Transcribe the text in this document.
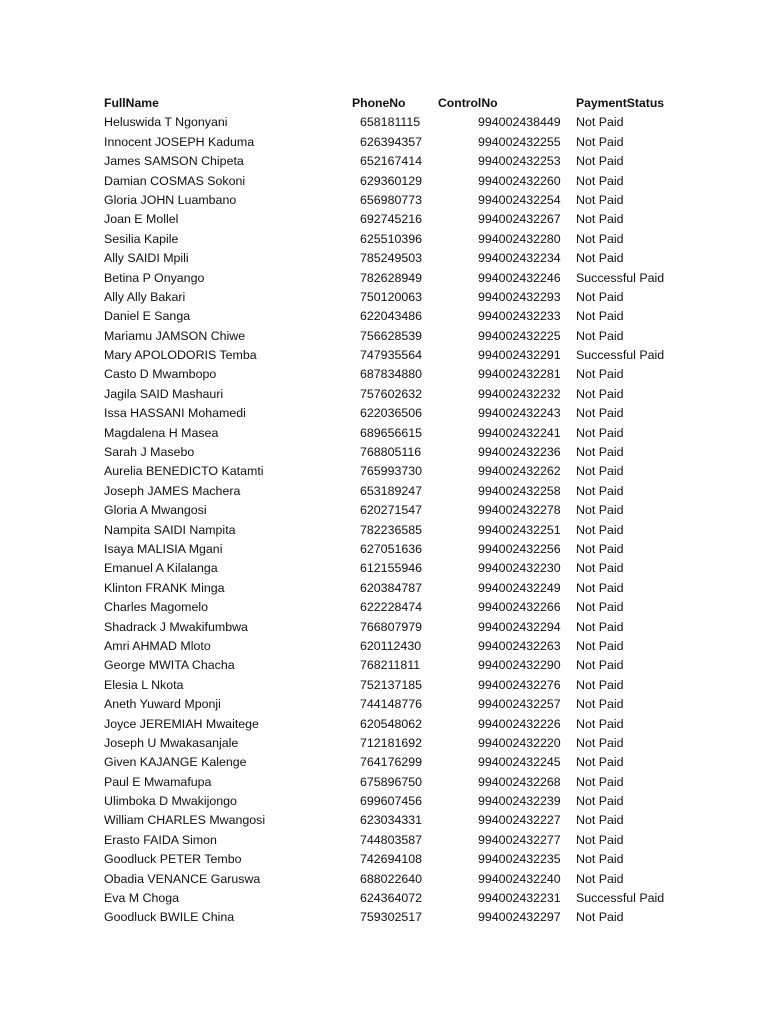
FullName	PhoneNo	ControlNo	PaymentStatus
Heluswida T Ngonyani	658181115	994002438449 Not Paid
Innocent JOSEPH Kaduma	626394357	994002432255 Not Paid
James SAMSON Chipeta	652167414	994002432253 Not Paid
Damian COSMAS Sokoni	629360129	994002432260 Not Paid
Gloria JOHN Luambano	656980773	994002432254 Not Paid
Joan E Mollel	692745216	994002432267 Not Paid
Sesilia Kapile	625510396	994002432280 Not Paid
Ally SAIDI Mpili	785249503	994002432234 Not Paid
Betina P Onyango	782628949	994002432246 Successful Paid
Ally Ally Bakari	750120063	994002432293 Not Paid
Daniel E Sanga	622043486	994002432233 Not Paid
Mariamu JAMSON Chiwe	756628539	994002432225 Not Paid
Mary APOLODORIS Temba	747935564	994002432291 Successful Paid
Casto D Mwambopo	687834880	994002432281 Not Paid
Jagila SAID Mashauri	757602632	994002432232 Not Paid
Issa HASSANI Mohamedi	622036506	994002432243 Not Paid
Magdalena H Masea	689656615	994002432241 Not Paid
Sarah J Masebo	768805116	994002432236 Not Paid
Aurelia BENEDICTO Katamti	765993730	994002432262 Not Paid
Joseph JAMES Machera	653189247	994002432258 Not Paid
Gloria A Mwangosi	620271547	994002432278 Not Paid
Nampita SAIDI Nampita	782236585	994002432251 Not Paid
Isaya MALISIA Mgani	627051636	994002432256 Not Paid
Emanuel A Kilalanga	612155946	994002432230 Not Paid
Klinton FRANK Minga	620384787	994002432249 Not Paid
Charles Magomelo	622228474	994002432266 Not Paid
Shadrack J Mwakifumbwa	766807979	994002432294 Not Paid
Amri AHMAD Mloto	620112430	994002432263 Not Paid
George MWITA Chacha	768211811	994002432290 Not Paid
Elesia L Nkota	752137185	994002432276 Not Paid
Aneth Yuward Mponji	744148776	994002432257 Not Paid
Joyce JEREMIAH Mwaitege	620548062	994002432226 Not Paid
Joseph U Mwakasanjale	712181692	994002432220 Not Paid
Given KAJANGE Kalenge	764176299	994002432245 Not Paid
Paul E Mwamafupa	675896750	994002432268 Not Paid
Ulimboka D Mwakijongo	699607456	994002432239 Not Paid
William CHARLES Mwangosi	623034331	994002432227 Not Paid
Erasto FAIDA Simon	744803587	994002432277 Not Paid
Goodluck PETER Tembo	742694108	994002432235 Not Paid
Obadia VENANCE Garuswa	688022640	994002432240 Not Paid
Eva M Choga	624364072	994002432231 Successful Paid
Goodluck BWILE China	759302517	994002432297 Not Paid
